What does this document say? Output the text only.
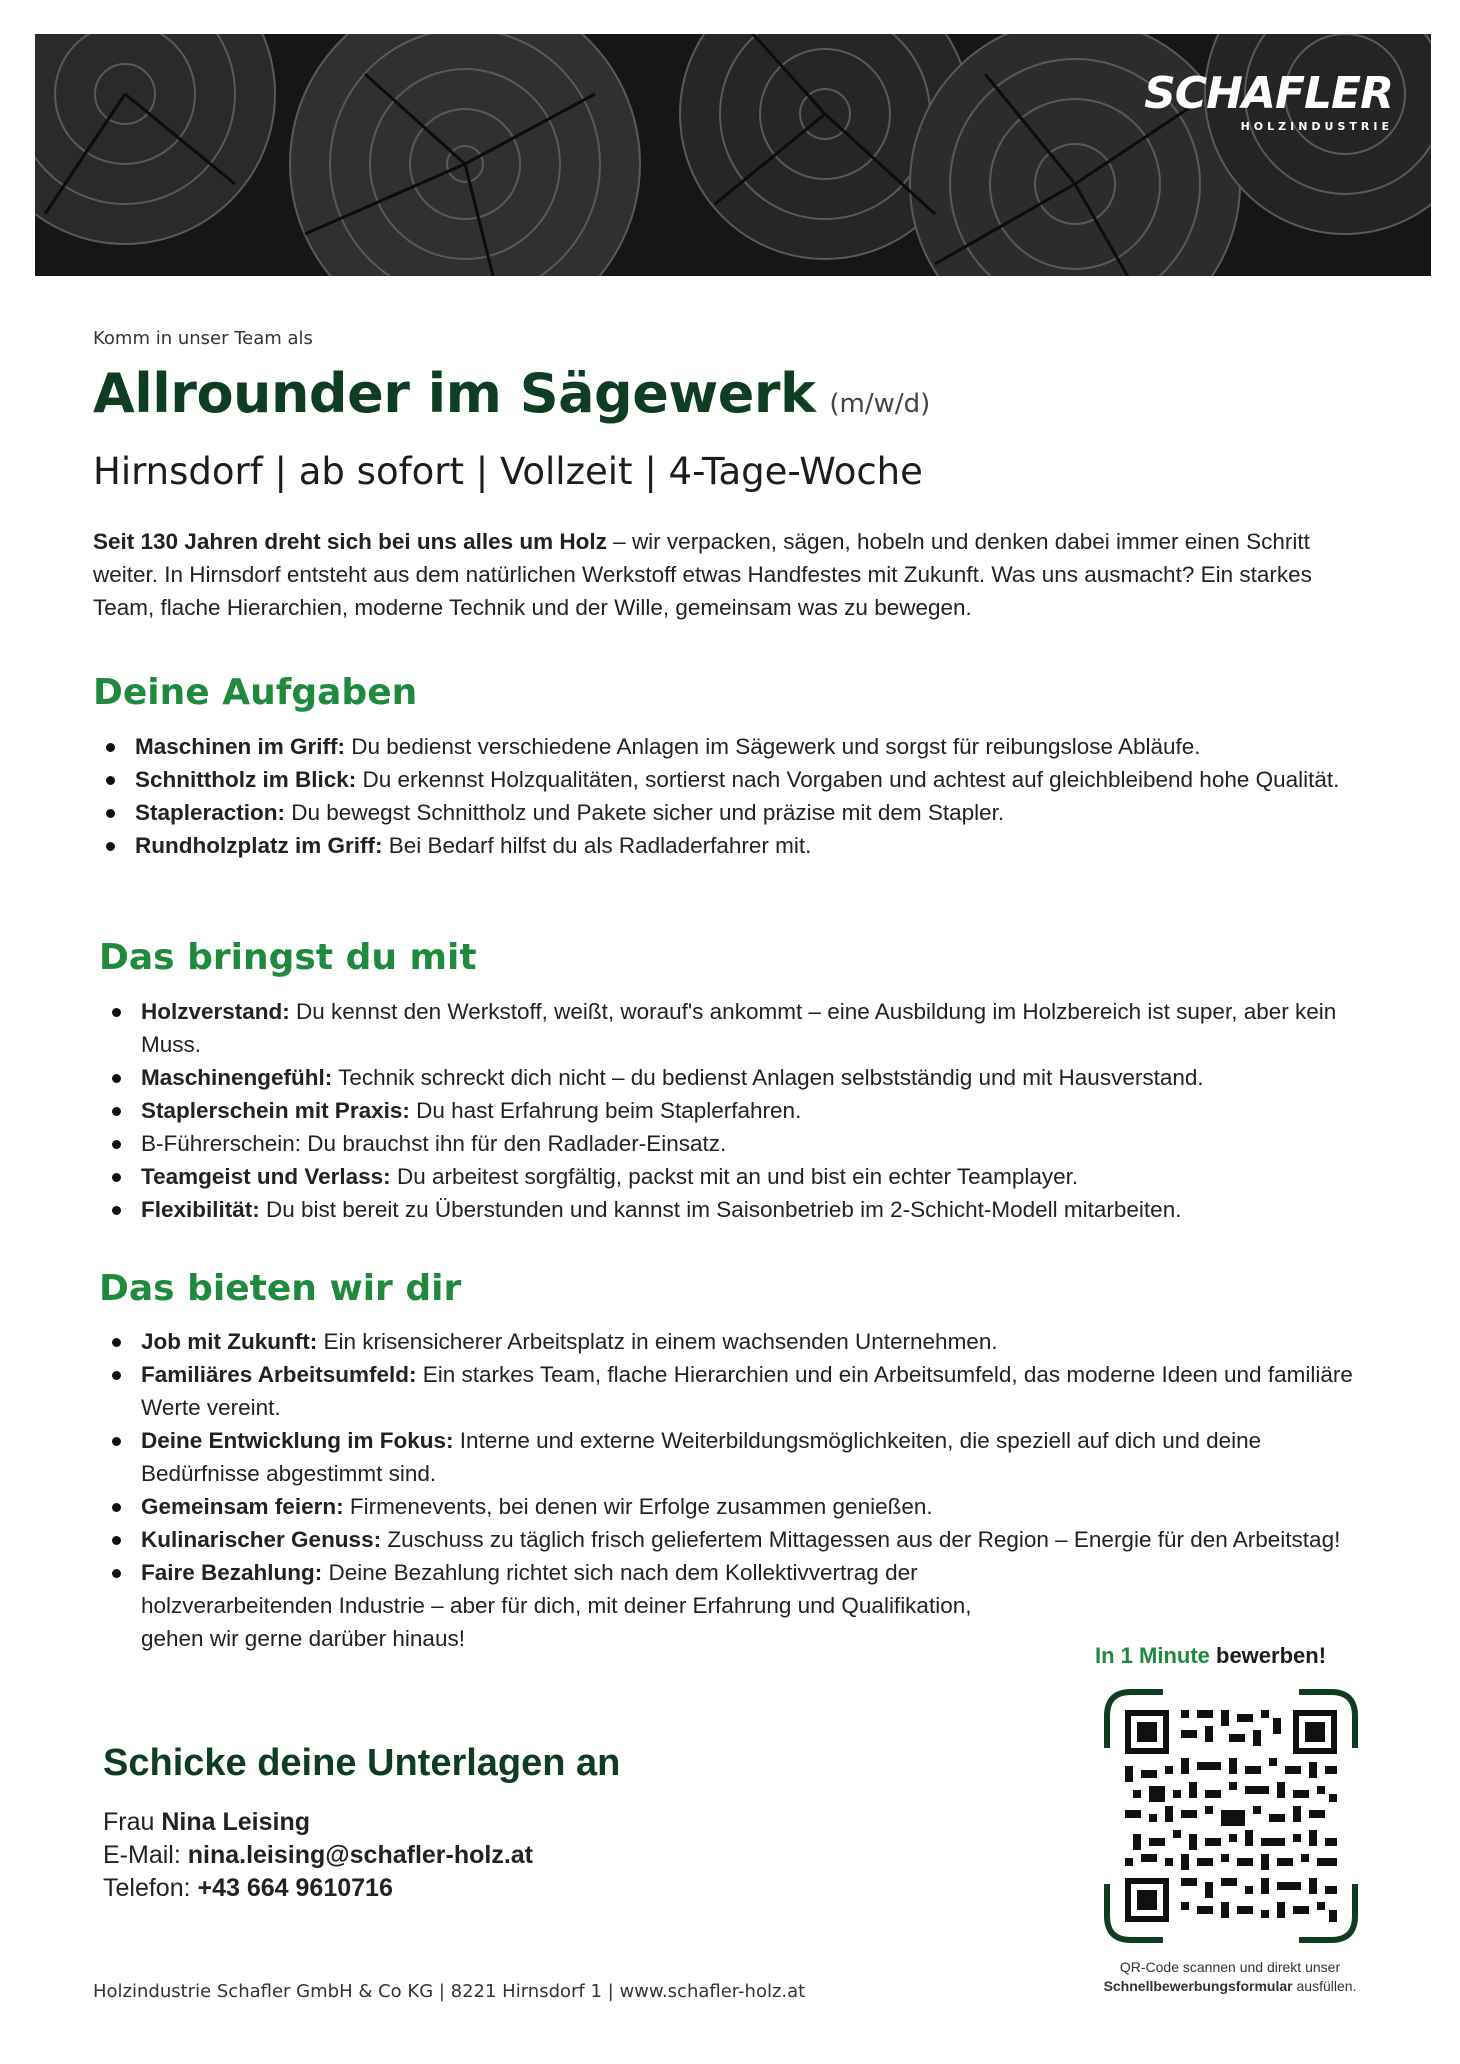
SCHAFLER
HOLZINDUSTRIE
Komm in unser Team als
Allrounder im Sägewerk (m/w/d)
Hirnsdorf | ab sofort | Vollzeit | 4-Tage-Woche

Seit 130 Jahren dreht sich bei uns alles um Holz – wir verpacken, sägen, hobeln und denken dabei immer einen Schritt weiter. In Hirnsdorf entsteht aus dem natürlichen Werkstoff etwas Handfestes mit Zukunft. Was uns ausmacht? Ein starkes Team, flache Hierarchien, moderne Technik und der Wille, gemeinsam was zu bewegen.

Deine Aufgaben
Maschinen im Griff: Du bedienst verschiedene Anlagen im Sägewerk und sorgst für reibungslose Abläufe.
Schnittholz im Blick: Du erkennst Holzqualitäten, sortierst nach Vorgaben und achtest auf gleichbleibend hohe Qualität.
Stapleraction: Du bewegst Schnittholz und Pakete sicher und präzise mit dem Stapler.
Rundholzplatz im Griff: Bei Bedarf hilfst du als Radladerfahrer mit.
Das bringst du mit
Holzverstand: Du kennst den Werkstoff, weißt, worauf's ankommt – eine Ausbildung im Holzbereich ist super, aber kein Muss.
Maschinengefühl: Technik schreckt dich nicht – du bedienst Anlagen selbstständig und mit Hausverstand.
Staplerschein mit Praxis: Du hast Erfahrung beim Staplerfahren.
B-Führerschein: Du brauchst ihn für den Radlader-Einsatz.
Teamgeist und Verlass: Du arbeitest sorgfältig, packst mit an und bist ein echter Teamplayer.
Flexibilität: Du bist bereit zu Überstunden und kannst im Saisonbetrieb im 2-Schicht-Modell mitarbeiten.
Das bieten wir dir
Job mit Zukunft: Ein krisensicherer Arbeitsplatz in einem wachsenden Unternehmen.
Familiäres Arbeitsumfeld: Ein starkes Team, flache Hierarchien und ein Arbeitsumfeld, das moderne Ideen und familiäre Werte vereint.
Deine Entwicklung im Fokus: Interne und externe Weiterbildungsmöglichkeiten, die speziell auf dich und deine Bedürfnisse abgestimmt sind.
Gemeinsam feiern: Firmenevents, bei denen wir Erfolge zusammen genießen.
Kulinarischer Genuss: Zuschuss zu täglich frisch geliefertem Mittagessen aus der Region – Energie für den Arbeitstag!
Faire Bezahlung: Deine Bezahlung richtet sich nach dem Kollektivvertrag der holzverarbeitenden Industrie – aber für dich, mit deiner Erfahrung und Qualifikation, gehen wir gerne darüber hinaus!
Schicke deine Unterlagen an
Frau Nina Leising
E-Mail: nina.leising@schafler-holz.at
Telefon: +43 664 9610716
In 1 Minute bewerben!
QR-Code scannen und direkt unser
Schnellbewerbungsformular ausfüllen.
Holzindustrie Schafler GmbH & Co KG | 8221 Hirnsdorf 1 | www.schafler-holz.at
